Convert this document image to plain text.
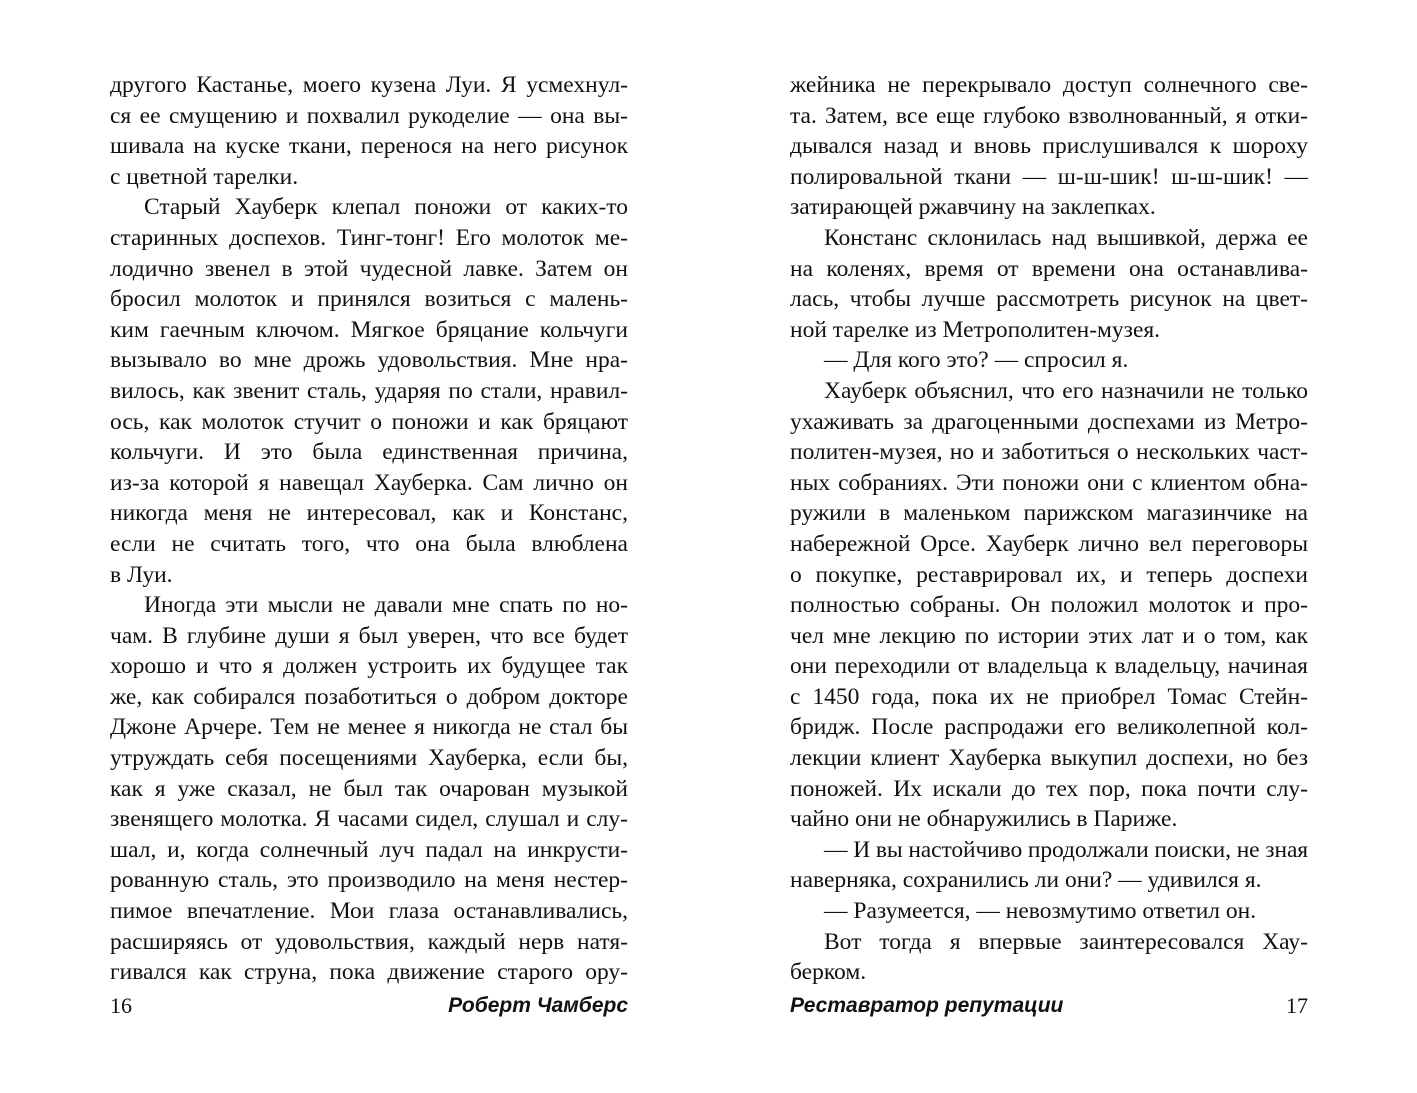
другого Кастанье, моего кузена Луи. Я усмехнул-
ся ее смущению и похвалил рукоделие — она вы-
шивала на куске ткани, перенося на него рисунок
с цветной тарелки.
Старый Хауберк клепал поножи от каких-то
старинных доспехов. Тинг-тонг! Его молоток ме-
лодично звенел в этой чудесной лавке. Затем он
бросил молоток и принялся возиться с малень-
ким гаечным ключом. Мягкое бряцание кольчуги
вызывало во мне дрожь удовольствия. Мне нра-
вилось, как звенит сталь, ударяя по стали, нравил-
ось, как молоток стучит о поножи и как бряцают
кольчуги. И это была единственная причина,
из-за которой я навещал Хауберка. Сам лично он
никогда меня не интересовал, как и Констанс,
если не считать того, что она была влюблена
в Луи.
Иногда эти мысли не давали мне спать по но-
чам. В глубине души я был уверен, что все будет
хорошо и что я должен устроить их будущее так
же, как собирался позаботиться о добром докторе
Джоне Арчере. Тем не менее я никогда не стал бы
утруждать себя посещениями Хауберка, если бы,
как я уже сказал, не был так очарован музыкой
звенящего молотка. Я часами сидел, слушал и слу-
шал, и, когда солнечный луч падал на инкрусти-
рованную сталь, это производило на меня нестер-
пимое впечатление. Мои глаза останавливались,
расширяясь от удовольствия, каждый нерв натя-
гивался как струна, пока движение старого ору-
16	Роберт Чамберс
жейника не перекрывало доступ солнечного све-
та. Затем, все еще глубоко взволнованный, я отки-
дывался назад и вновь прислушивался к шороху
полировальной ткани — ш-ш-шик! ш-ш-шик! —
затирающей ржавчину на заклепках.
Констанс склонилась над вышивкой, держа ее
на коленях, время от времени она останавлива-
лась, чтобы лучше рассмотреть рисунок на цвет-
ной тарелке из Метрополитен-музея.
— Для кого это? — спросил я.
Хауберк объяснил, что его назначили не только
ухаживать за драгоценными доспехами из Метро-
политен-музея, но и заботиться о нескольких част-
ных собраниях. Эти поножи они с клиентом обна-
ружили в маленьком парижском магазинчике на
набережной Орсе. Хауберк лично вел переговоры
о покупке, реставрировал их, и теперь доспехи
полностью собраны. Он положил молоток и про-
чел мне лекцию по истории этих лат и о том, как
они переходили от владельца к владельцу, начиная
с 1450 года, пока их не приобрел Томас Стейн-
бридж. После распродажи его великолепной кол-
лекции клиент Хауберка выкупил доспехи, но без
поножей. Их искали до тех пор, пока почти слу-
чайно они не обнаружились в Париже.
— И вы настойчиво продолжали поиски, не зная
наверняка, сохранились ли они? — удивился я.
— Разумеется, — невозмутимо ответил он.
Вот тогда я впервые заинтересовался Хау-
берком.
Реставратор репутации	17
